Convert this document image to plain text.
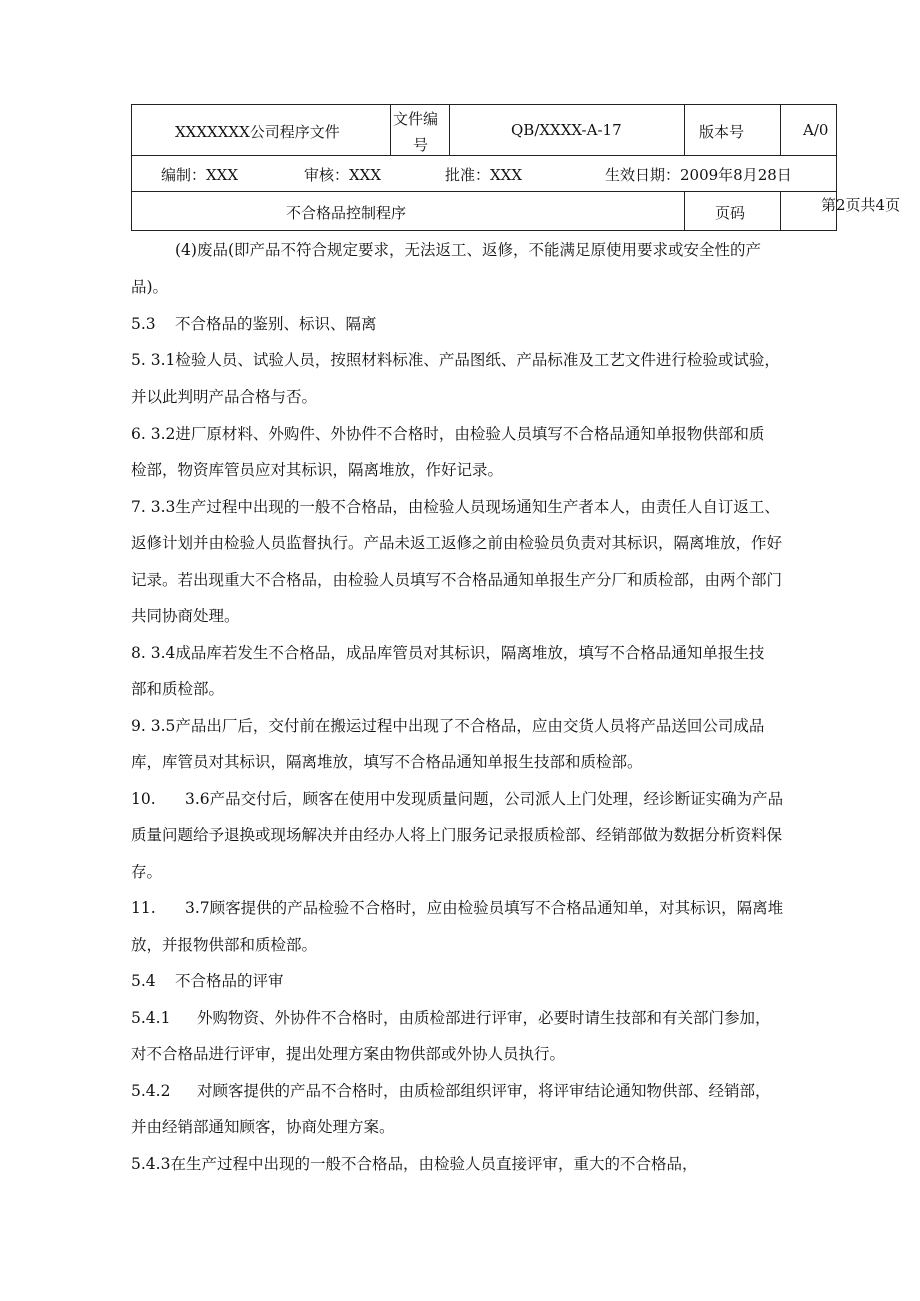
XXXXXXX公司程序文件	文件编
号	QB/XXXX-A-17	版本号	A/0

编制：XXX 审核：XXX 批准：XXX 生效日期：2009年8月28日				

不合格品控制程序			页码	第2页共4页
(4)废品(即产品不符合规定要求，无法返工、返修，不能满足原使用要求或安全性的产
品)。
5.3 不合格品的鉴别、标识、隔离
5. 3.1检验人员、试验人员，按照材料标准、产品图纸、产品标准及工艺文件进行检验或试验，
并以此判明产品合格与否。
6. 3.2进厂原材料、外购件、外协件不合格时，由检验人员填写不合格品通知单报物供部和质
检部，物资库管员应对其标识，隔离堆放，作好记录。
7. 3.3生产过程中出现的一般不合格品，由检验人员现场通知生产者本人，由责任人自订返工、
返修计划并由检验人员监督执行。产品未返工返修之前由检验员负责对其标识，隔离堆放，作好
记录。若出现重大不合格品，由检验人员填写不合格品通知单报生产分厂和质检部，由两个部门
共同协商处理。
8. 3.4成品库若发生不合格品，成品库管员对其标识，隔离堆放，填写不合格品通知单报生技
部和质检部。
9. 3.5产品出厂后，交付前在搬运过程中出现了不合格品，应由交货人员将产品送回公司成品
库，库管员对其标识，隔离堆放，填写不合格品通知单报生技部和质检部。
10. 3.6产品交付后，顾客在使用中发现质量问题，公司派人上门处理，经诊断证实确为产品
质量问题给予退换或现场解决并由经办人将上门服务记录报质检部、经销部做为数据分析资料保
存。
11. 3.7顾客提供的产品检验不合格时，应由检验员填写不合格品通知单，对其标识，隔离堆
放，并报物供部和质检部。
5.4 不合格品的评审
5.4.1 外购物资、外协件不合格时，由质检部进行评审，必要时请生技部和有关部门参加，
对不合格品进行评审，提出处理方案由物供部或外协人员执行。
5.4.2 对顾客提供的产品不合格时，由质检部组织评审，将评审结论通知物供部、经销部，
并由经销部通知顾客，协商处理方案。
5.4.3在生产过程中出现的一般不合格品，由检验人员直接评审，重大的不合格品，
